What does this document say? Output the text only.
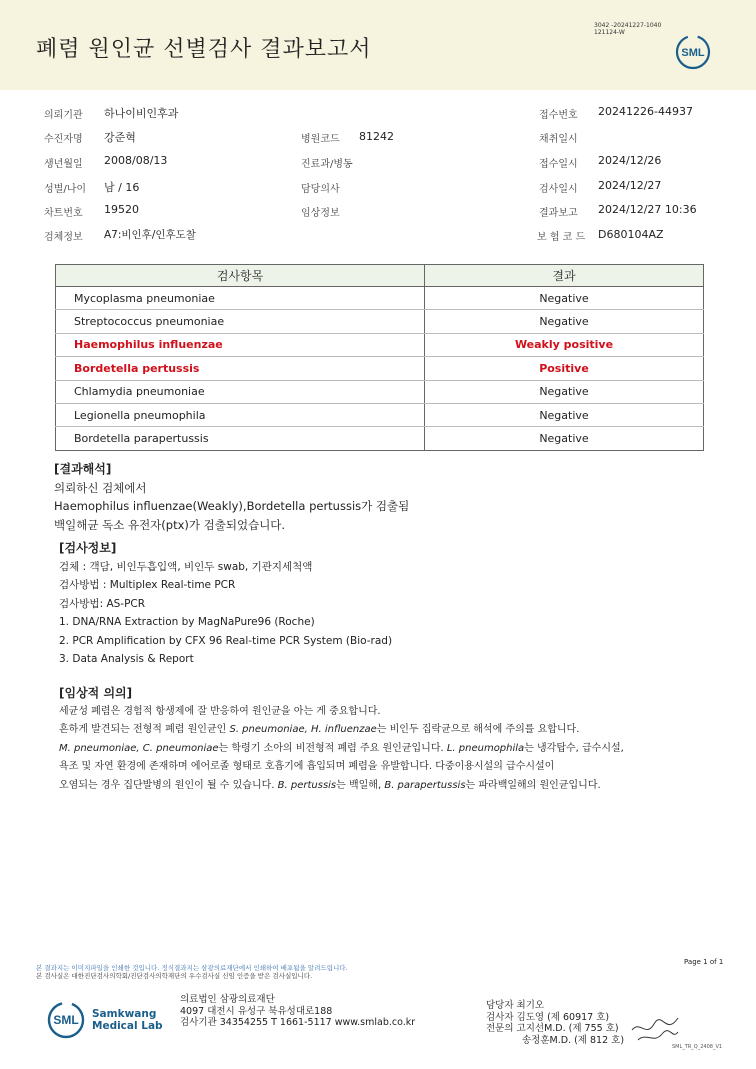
폐렴 원인균 선별검사 결과보고서
3042 -20241227-1040
121124-W
SML
의뢰기관 하나이비인후과	접수번호 20241226-44937
수진자명 강준혁	병원코드 81242	채취일시
생년월일 2008/08/13	진료과/병동	접수일시 2024/12/26
성별/나이 남 / 16	담당의사	검사일시 2024/12/27
차트번호 19520	임상정보	결과보고 2024/12/27 10:36
검체정보 A7:비인후/인후도찰	보 험 코 드 D680104AZ
검사항목	결과
Mycoplasma pneumoniae	Negative
Streptococcus pneumoniae	Negative
Haemophilus influenzae	Weakly positive
Bordetella pertussis	Positive
Chlamydia pneumoniae	Negative
Legionella pneumophila	Negative
Bordetella parapertussis	Negative
[결과해석]
의뢰하신 검체에서
Haemophilus influenzae(Weakly),Bordetella pertussis가 검출됨
백일해균 독소 유전자(ptx)가 검출되었습니다.
[검사정보]
검체 : 객담, 비인두흡입액, 비인두 swab, 기관지세척액
검사방법 : Multiplex Real-time PCR
검사방법: AS-PCR
1. DNA/RNA Extraction by MagNaPure96 (Roche)
2. PCR Amplification by CFX 96 Real-time PCR System (Bio-rad)
3. Data Analysis & Report
[임상적 의의]
세균성 폐렴은 경험적 항생제에 잘 반응하여 원인균을 아는 게 중요합니다.
흔하게 발견되는 전형적 폐렴 원인균인 S. pneumoniae, H. influenzae는 비인두 집락균으로 해석에 주의를 요합니다.
M. pneumoniae, C. pneumoniae는 학령기 소아의 비전형적 폐렴 주요 원인균입니다. L. pneumophila는 냉각탑수, 급수시설,
욕조 및 자연 환경에 존재하며 에어로졸 형태로 호흡기에 흡입되며 폐렴을 유발합니다. 다중이용시설의 급수시설이
오염되는 경우 집단발병의 원인이 될 수 있습니다. B. pertussis는 백일해, B. parapertussis는 파라백일해의 원인균입니다.
본 결과지는 이미지파일을 인쇄한 것입니다. 정식결과지는 삼광의료재단에서 인쇄하여 배포됨을 알려드립니다.
본 검사실은 대한진단검사의학회/진단검사의학재단의 우수검사실 신임 인증을 받은 검사실입니다.
Page 1 of 1
SML Samkwang
Medical Lab
의료법인 삼광의료재단
4097 대전시 유성구 북유성대로188
검사기관 34354255 T 1661-5117 www.smlab.co.kr
담당자 최기오
검사자 김도영 (제 60917 호)
전문의 고지선M.D. (제 755 호)
송정훈M.D. (제 812 호)
SML_TR_Q_2408_V1
